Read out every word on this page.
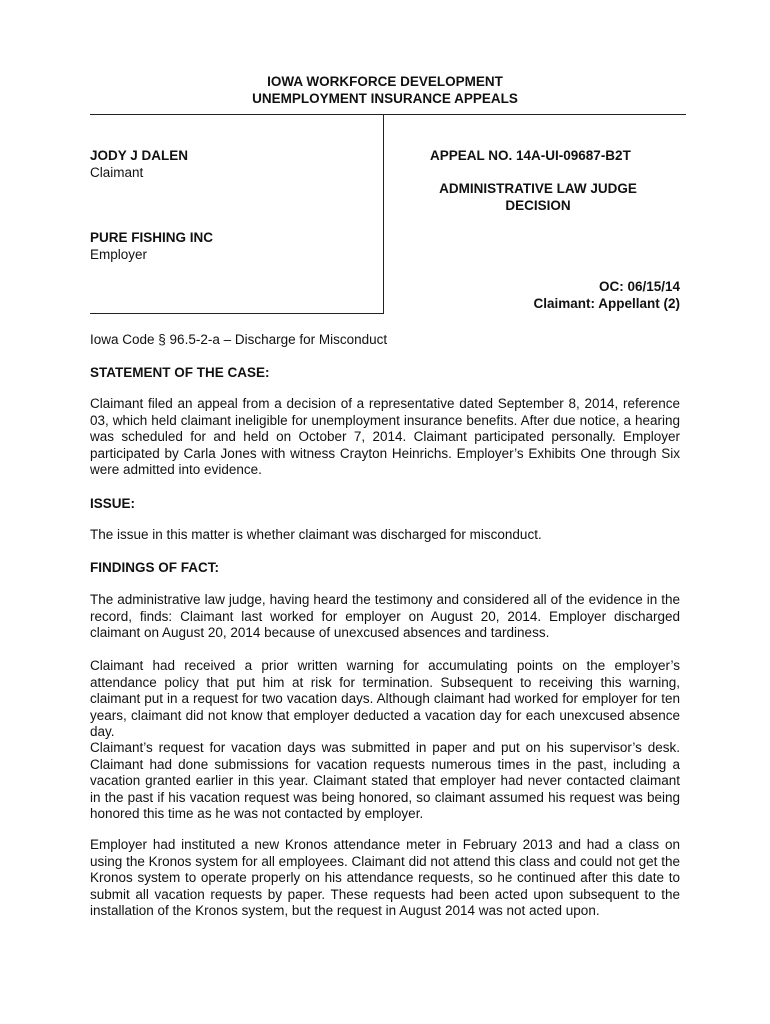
IOWA WORKFORCE DEVELOPMENT
UNEMPLOYMENT INSURANCE APPEALS
JODY J DALEN
Claimant
PURE FISHING INC
Employer
APPEAL NO. 14A-UI-09687-B2T
ADMINISTRATIVE LAW JUDGE
DECISION
OC: 06/15/14
Claimant: Appellant (2)
Iowa Code § 96.5-2-a – Discharge for Misconduct
STATEMENT OF THE CASE:

Claimant filed an appeal from a decision of a representative dated September 8, 2014, reference 03, which held claimant ineligible for unemployment insurance benefits. After due notice, a hearing was scheduled for and held on October 7, 2014. Claimant participated personally. Employer participated by Carla Jones with witness Crayton Heinrichs. Employer’s Exhibits One through Six were admitted into evidence.

ISSUE:

The issue in this matter is whether claimant was discharged for misconduct.

FINDINGS OF FACT:

The administrative law judge, having heard the testimony and considered all of the evidence in the record, finds: Claimant last worked for employer on August 20, 2014. Employer discharged claimant on August 20, 2014 because of unexcused absences and tardiness.

Claimant had received a prior written warning for accumulating points on the employer’s attendance policy that put him at risk for termination. Subsequent to receiving this warning, claimant put in a request for two vacation days. Although claimant had worked for employer for ten years, claimant did not know that employer deducted a vacation day for each unexcused absence day.

Claimant’s request for vacation days was submitted in paper and put on his supervisor’s desk. Claimant had done submissions for vacation requests numerous times in the past, including a vacation granted earlier in this year. Claimant stated that employer had never contacted claimant in the past if his vacation request was being honored, so claimant assumed his request was being honored this time as he was not contacted by employer.

Employer had instituted a new Kronos attendance meter in February 2013 and had a class on using the Kronos system for all employees. Claimant did not attend this class and could not get the Kronos system to operate properly on his attendance requests, so he continued after this date to submit all vacation requests by paper. These requests had been acted upon subsequent to the installation of the Kronos system, but the request in August 2014 was not acted upon.
